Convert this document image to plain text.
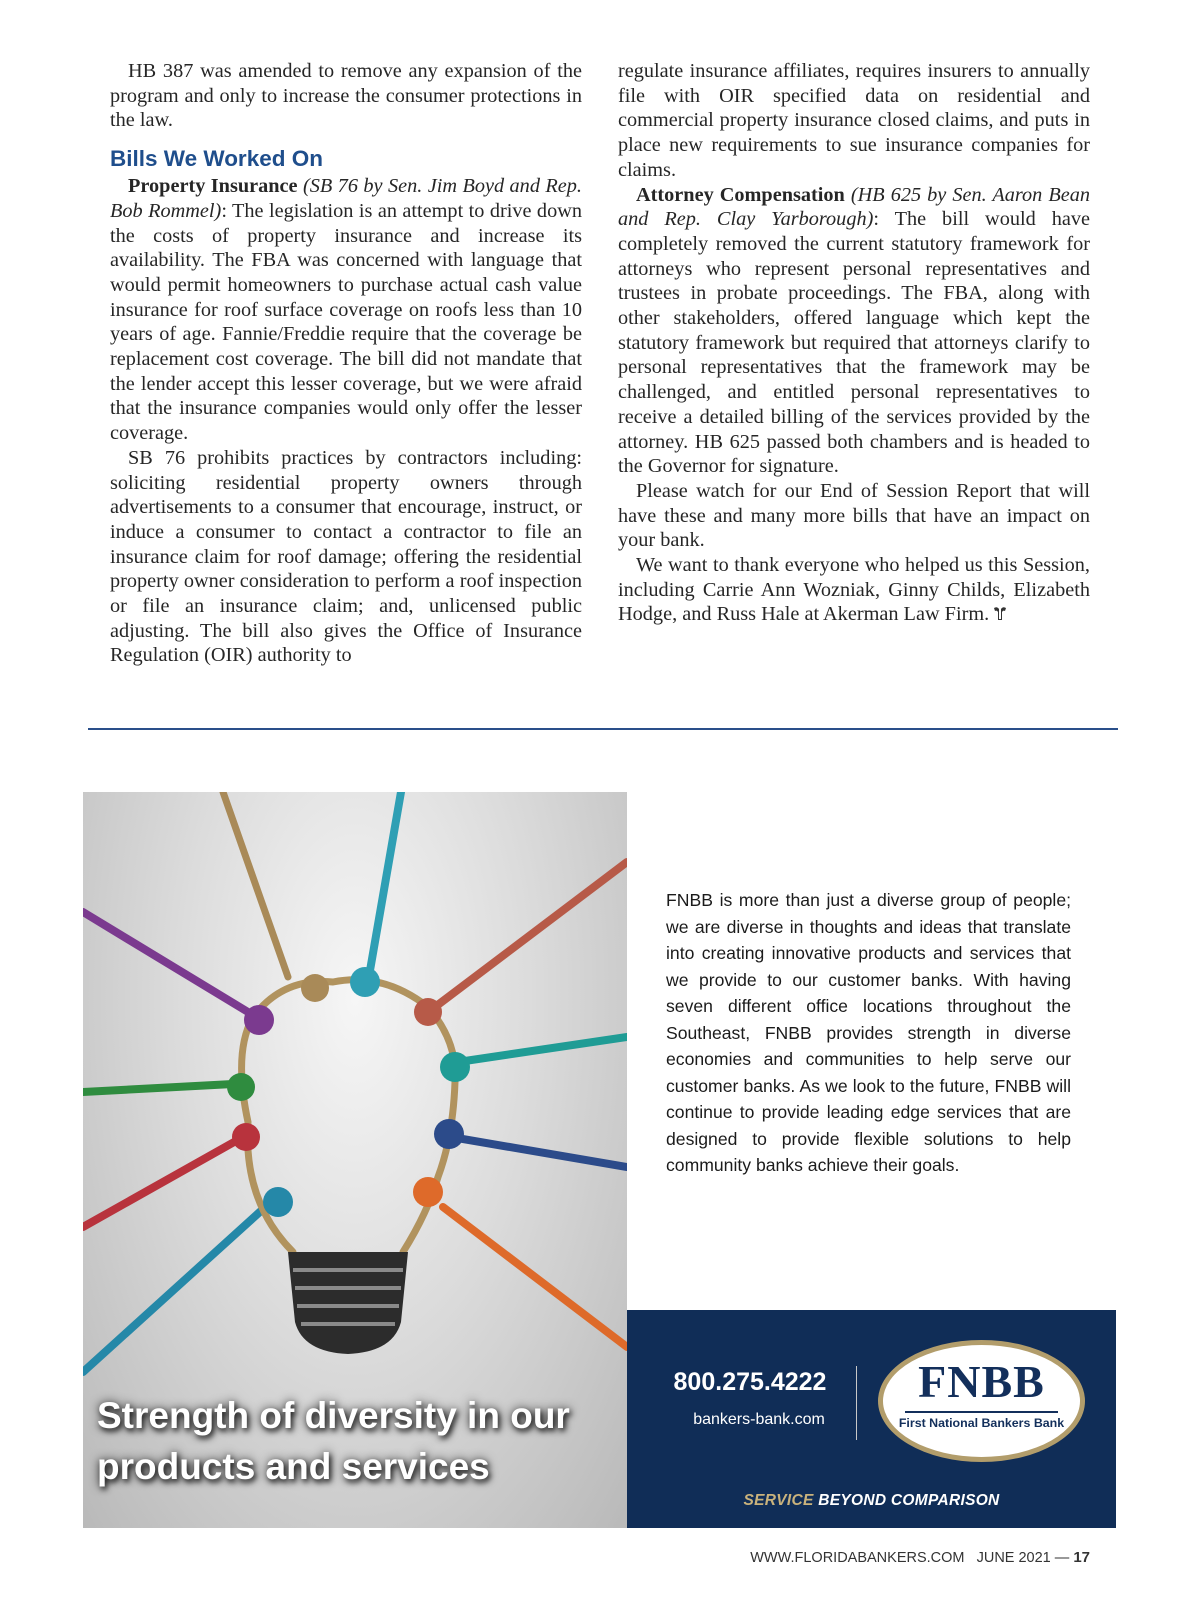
HB 387 was amended to remove any expansion of the program and only to increase the consumer protections in the law.

Bills We Worked On

Property Insurance (SB 76 by Sen. Jim Boyd and Rep. Bob Rommel): The legislation is an attempt to drive down the costs of property insurance and increase its availability. The FBA was concerned with language that would permit homeowners to purchase actual cash value insurance for roof surface coverage on roofs less than 10 years of age. Fannie/Freddie require that the coverage be replacement cost coverage. The bill did not mandate that the lender accept this lesser coverage, but we were afraid that the insurance companies would only offer the lesser coverage.

SB 76 prohibits practices by contractors including: soliciting residential property owners through advertisements to a consumer that encourage, instruct, or induce a consumer to contact a contractor to file an insurance claim for roof damage; offering the residential property owner consideration to perform a roof inspection or file an insurance claim; and, unlicensed public adjusting. The bill also gives the Office of Insurance Regulation (OIR) authority to

regulate insurance affiliates, requires insurers to annually file with OIR specified data on residential and commercial property insurance closed claims, and puts in place new requirements to sue insurance companies for claims.

Attorney Compensation (HB 625 by Sen. Aaron Bean and Rep. Clay Yarborough): The bill would have completely removed the current statutory framework for attorneys who represent personal representatives and trustees in probate proceedings. The FBA, along with other stakeholders, offered language which kept the statutory framework but required that attorneys clarify to personal representatives that the framework may be challenged, and entitled personal representatives to receive a detailed billing of the services provided by the attorney. HB 625 passed both chambers and is headed to the Governor for signature.

Please watch for our End of Session Report that will have these and many more bills that have an impact on your bank.

We want to thank everyone who helped us this Session, including Carrie Ann Wozniak, Ginny Childs, Elizabeth Hodge, and Russ Hale at Akerman Law Firm.

Strength of diversity in our
products and services
FNBB is more than just a diverse group of people; we are diverse in thoughts and ideas that translate into creating innovative products and services that we provide to our customer banks. With having seven different office locations throughout the Southeast, FNBB provides strength in diverse economies and communities to help serve our customer banks. As we look to the future, FNBB will continue to provide leading edge services that are designed to provide flexible solutions to help community banks achieve their goals.
800.275.4222
bankers-bank.com
FNBB
First National Bankers Bank
SERVICE BEYOND COMPARISON
WWW.FLORIDABANKERS.COM JUNE 2021 — 17
